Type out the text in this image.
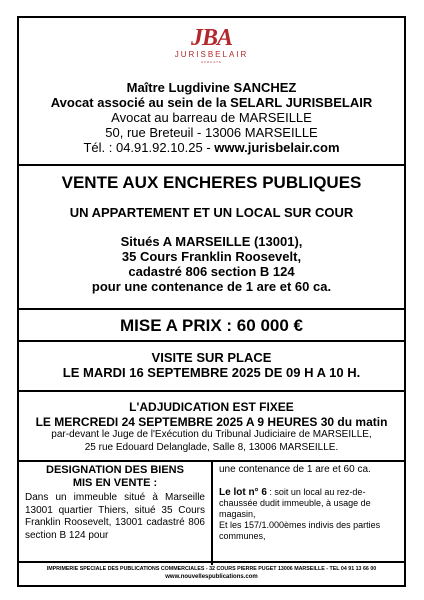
JBA
JURISBELAIR
AVOCATS
Maître Lugdivine SANCHEZ
Avocat associé au sein de la SELARL JURISBELAIR
Avocat au barreau de MARSEILLE
50, rue Breteuil - 13006 MARSEILLE
Tél. : 04.91.92.10.25 - www.jurisbelair.com
VENTE AUX ENCHERES PUBLIQUES
UN APPARTEMENT ET UN LOCAL SUR COUR
Situés A MARSEILLE (13001),
35 Cours Franklin Roosevelt,
cadastré 806 section B 124
pour une contenance de 1 are et 60 ca.
MISE A PRIX : 60 000 €
VISITE SUR PLACE
LE MARDI 16 SEPTEMBRE 2025 DE 09 H A 10 H.
L'ADJUDICATION EST FIXEE
LE MERCREDI 24 SEPTEMBRE 2025 A 9 HEURES 30 du matin
par-devant le Juge de l'Exécution du Tribunal Judiciaire de MARSEILLE,
25 rue Edouard Delanglade, Salle 8, 13006 MARSEILLE.
DESIGNATION DES BIENS
MIS EN VENTE :
Dans un immeuble situé à Marseille 13001 quartier Thiers, situé 35 Cours Franklin Roosevelt, 13001 cadastré 806 section B 124 pour
une contenance de 1 are et 60 ca.
Le lot n° 6 : soit un local au rez-de-chaussée dudit immeuble, à usage de magasin,
Et les 157/1.000èmes indivis des parties communes,
IMPRIMERIE SPECIALE DES PUBLICATIONS COMMERCIALES - 32 COURS PIERRE PUGET 13006 MARSEILLE - TEL 04 91 13 66 00
www.nouvellespublications.com
